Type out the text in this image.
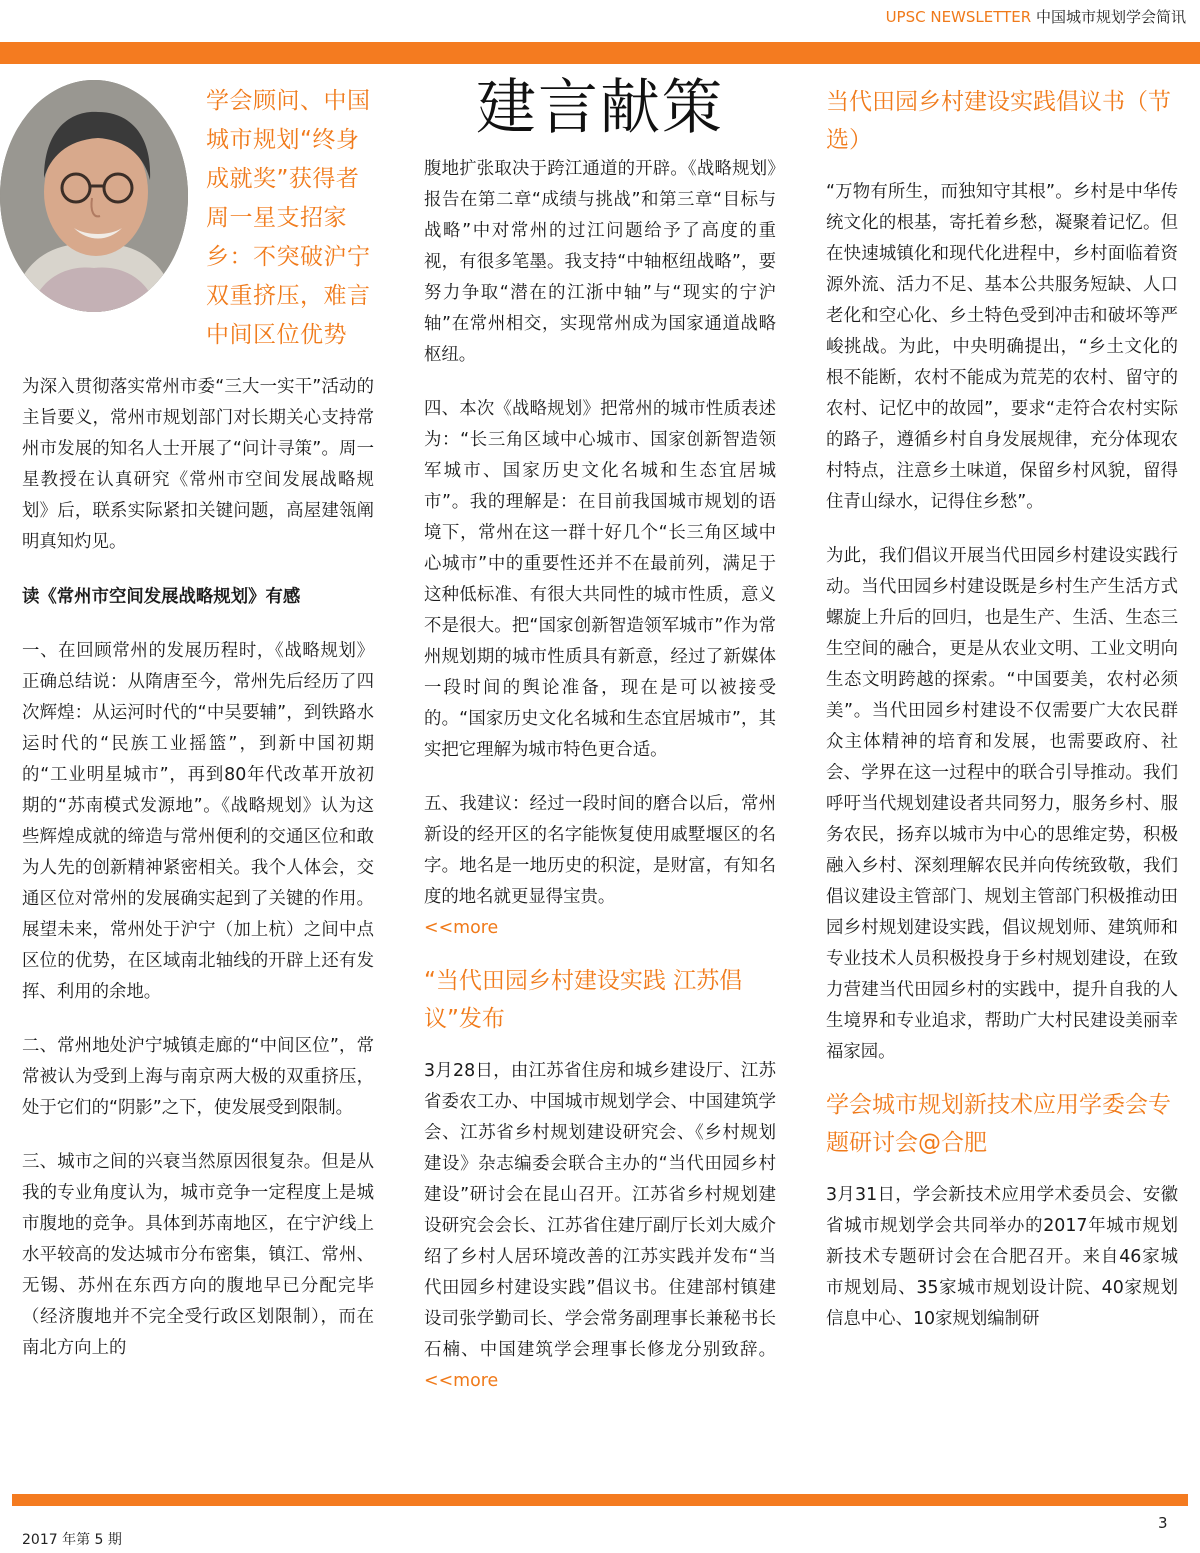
UPSC NEWSLETTER 中国城市规划学会简讯

学会顾问、中国城市规划“终身成就奖”获得者周一星支招家乡：不突破沪宁双重挤压，难言中间区位优势

为深入贯彻落实常州市委“三大一实干”活动的主旨要义，常州市规划部门对长期关心支持常州市发展的知名人士开展了“问计寻策”。周一星教授在认真研究《常州市空间发展战略规划》后，联系实际紧扣关键问题，高屋建瓴阐明真知灼见。

读《常州市空间发展战略规划》有感

一、在回顾常州的发展历程时，《战略规划》正确总结说：从隋唐至今，常州先后经历了四次辉煌：从运河时代的“中吴要辅”，到铁路水运时代的“民族工业摇篮”，到新中国初期的“工业明星城市”，再到80年代改革开放初期的“苏南模式发源地”。《战略规划》认为这些辉煌成就的缔造与常州便利的交通区位和敢为人先的创新精神紧密相关。我个人体会，交通区位对常州的发展确实起到了关键的作用。展望未来，常州处于沪宁（加上杭）之间中点区位的优势，在区域南北轴线的开辟上还有发挥、利用的余地。

二、常州地处沪宁城镇走廊的“中间区位”，常常被认为受到上海与南京两大极的双重挤压，处于它们的“阴影”之下，使发展受到限制。

三、城市之间的兴衰当然原因很复杂。但是从我的专业角度认为，城市竞争一定程度上是城市腹地的竞争。具体到苏南地区，在宁沪线上水平较高的发达城市分布密集，镇江、常州、无锡、苏州在东西方向的腹地早已分配完毕（经济腹地并不完全受行政区划限制），而在南北方向上的

建言献策

腹地扩张取决于跨江通道的开辟。《战略规划》报告在第二章“成绩与挑战”和第三章“目标与战略”中对常州的过江问题给予了高度的重视，有很多笔墨。我支持“中轴枢纽战略”，要努力争取“潜在的江浙中轴”与“现实的宁沪轴”在常州相交，实现常州成为国家通道战略枢纽。

四、本次《战略规划》把常州的城市性质表述为：“长三角区域中心城市、国家创新智造领军城市、国家历史文化名城和生态宜居城市”。我的理解是：在目前我国城市规划的语境下，常州在这一群十好几个“长三角区域中心城市”中的重要性还并不在最前列，满足于这种低标准、有很大共同性的城市性质，意义不是很大。把“国家创新智造领军城市”作为常州规划期的城市性质具有新意，经过了新媒体一段时间的舆论准备，现在是可以被接受的。“国家历史文化名城和生态宜居城市”，其实把它理解为城市特色更合适。

五、我建议：经过一段时间的磨合以后，常州新设的经开区的名字能恢复使用戚墅堰区的名字。地名是一地历史的积淀，是财富，有知名度的地名就更显得宝贵。

<<more

“当代田园乡村建设实践 江苏倡议”发布

3月28日，由江苏省住房和城乡建设厅、江苏省委农工办、中国城市规划学会、中国建筑学会、江苏省乡村规划建设研究会、《乡村规划建设》杂志编委会联合主办的“当代田园乡村建设”研讨会在昆山召开。江苏省乡村规划建设研究会会长、江苏省住建厅副厅长刘大威介绍了乡村人居环境改善的江苏实践并发布“当代田园乡村建设实践”倡议书。住建部村镇建设司张学勤司长、学会常务副理事长兼秘书长石楠、中国建筑学会理事长修龙分别致辞。<<more

当代田园乡村建设实践倡议书（节选）

“万物有所生，而独知守其根”。乡村是中华传统文化的根基，寄托着乡愁，凝聚着记忆。但在快速城镇化和现代化进程中，乡村面临着资源外流、活力不足、基本公共服务短缺、人口老化和空心化、乡土特色受到冲击和破坏等严峻挑战。为此，中央明确提出，“乡土文化的根不能断，农村不能成为荒芜的农村、留守的农村、记忆中的故园”，要求“走符合农村实际的路子，遵循乡村自身发展规律，充分体现农村特点，注意乡土味道，保留乡村风貌，留得住青山绿水，记得住乡愁”。

为此，我们倡议开展当代田园乡村建设实践行动。当代田园乡村建设既是乡村生产生活方式螺旋上升后的回归，也是生产、生活、生态三生空间的融合，更是从农业文明、工业文明向生态文明跨越的探索。“中国要美，农村必须美”。当代田园乡村建设不仅需要广大农民群众主体精神的培育和发展，也需要政府、社会、学界在这一过程中的联合引导推动。我们呼吁当代规划建设者共同努力，服务乡村、服务农民，扬弃以城市为中心的思维定势，积极融入乡村、深刻理解农民并向传统致敬，我们倡议建设主管部门、规划主管部门积极推动田园乡村规划建设实践，倡议规划师、建筑师和专业技术人员积极投身于乡村规划建设，在致力营建当代田园乡村的实践中，提升自我的人生境界和专业追求，帮助广大村民建设美丽幸福家园。

学会城市规划新技术应用学委会专题研讨会@合肥

3月31日，学会新技术应用学术委员会、安徽省城市规划学会共同举办的2017年城市规划新技术专题研讨会在合肥召开。来自46家城市规划局、35家城市规划设计院、40家规划信息中心、10家规划编制研

2017 年第 5 期
3
